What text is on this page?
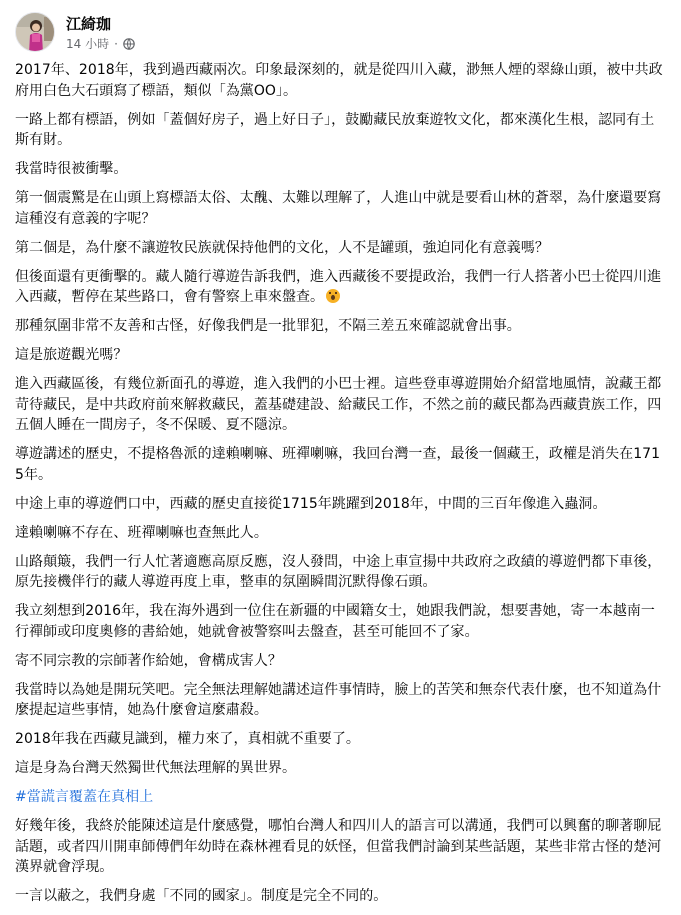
江綺珈
14 小時 ·

2017年、2018年，我到過西藏兩次。印象最深刻的，就是從四川入藏，渺無人煙的翠綠山頭，被中共政府用白色大石頭寫了標語，類似「為黨OO」。

一路上都有標語，例如「蓋個好房子，過上好日子」，鼓勵藏民放棄遊牧文化，都來漢化生根，認同有土斯有財。

我當時很被衝擊。

第一個震驚是在山頭上寫標語太俗、太醜、太難以理解了，人進山中就是要看山林的蒼翠，為什麼還要寫這種沒有意義的字呢？

第二個是，為什麼不讓遊牧民族就保持他們的文化，人不是罐頭，強迫同化有意義嗎？

但後面還有更衝擊的。藏人隨行導遊告訴我們，進入西藏後不要提政治，我們一行人搭著小巴士從四川進入西藏，暫停在某些路口，會有警察上車來盤查。

那種氛圍非常不友善和古怪，好像我們是一批罪犯，不隔三差五來確認就會出事。

這是旅遊觀光嗎？

進入西藏區後，有幾位新面孔的導遊，進入我們的小巴士裡。這些登車導遊開始介紹當地風情，說藏王都苛待藏民，是中共政府前來解救藏民，蓋基礎建設、給藏民工作，不然之前的藏民都為西藏貴族工作，四五個人睡在一間房子，冬不保暖、夏不隱涼。

導遊講述的歷史，不提格魯派的達賴喇嘛、班禪喇嘛，我回台灣一查，最後一個藏王，政權是消失在1715年。

中途上車的導遊們口中，西藏的歷史直接從1715年跳躍到2018年，中間的三百年像進入蟲洞。

達賴喇嘛不存在、班禪喇嘛也查無此人。

山路顛簸，我們一行人忙著適應高原反應，沒人發問，中途上車宣揚中共政府之政績的導遊們都下車後，原先接機伴行的藏人導遊再度上車，整車的氛圍瞬間沉默得像石頭。

我立刻想到2016年，我在海外遇到一位住在新疆的中國籍女士，她跟我們說，想要書她，寄一本越南一行禪師或印度奧修的書給她，她就會被警察叫去盤查，甚至可能回不了家。

寄不同宗教的宗師著作給她，會構成害人？

我當時以為她是開玩笑吧。完全無法理解她講述這件事情時，臉上的苦笑和無奈代表什麼，也不知道為什麼提起這些事情，她為什麼會這麼肅殺。

2018年我在西藏見識到，權力來了，真相就不重要了。

這是身為台灣天然獨世代無法理解的異世界。

#當謊言覆蓋在真相上

好幾年後，我終於能陳述這是什麼感覺，哪怕台灣人和四川人的語言可以溝通，我們可以興奮的聊著聊屁話題，或者四川開車師傅們年幼時在森林裡看見的妖怪，但當我們討論到某些話題，某些非常古怪的楚河漢界就會浮現。

一言以蔽之，我們身處「不同的國家」。制度是完全不同的。
